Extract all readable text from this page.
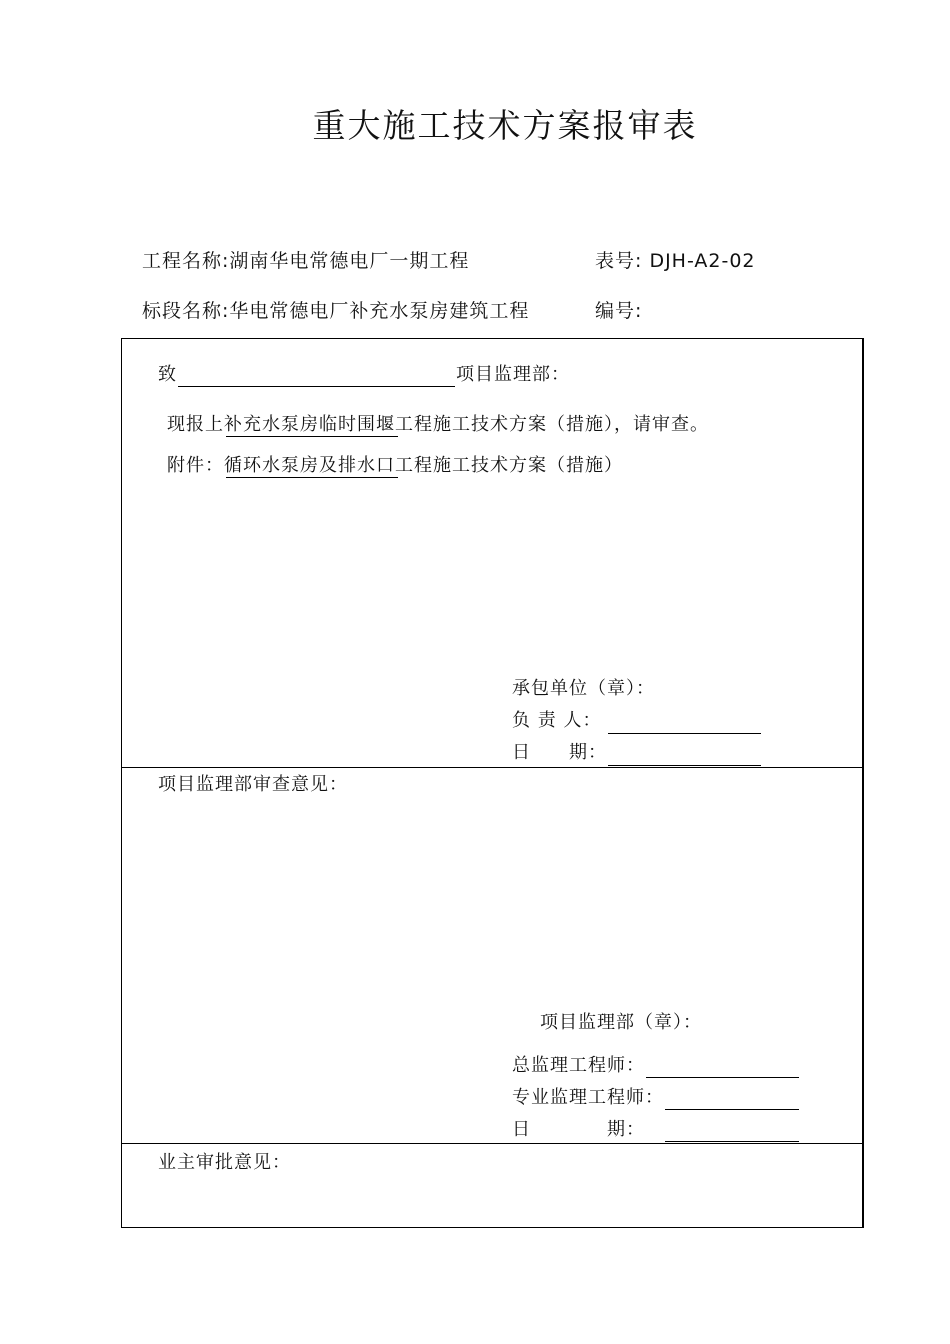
重大施工技术方案报审表
工程名称:湖南华电常德电厂一期工程	表号: DJH-A2-02
标段名称:华电常德电厂补充水泵房建筑工程	编号:
致	项目监理部：
现报上补充水泵房临时围堰工程施工技术方案（措施），请审查。
附件：循环水泵房及排水口工程施工技术方案（措施）
承包单位（章）：
负 责 人：
日　　期：
项目监理部审查意见：
项目监理部（章）：
总监理工程师：
专业监理工程师：
日　　　　期：
业主审批意见：
